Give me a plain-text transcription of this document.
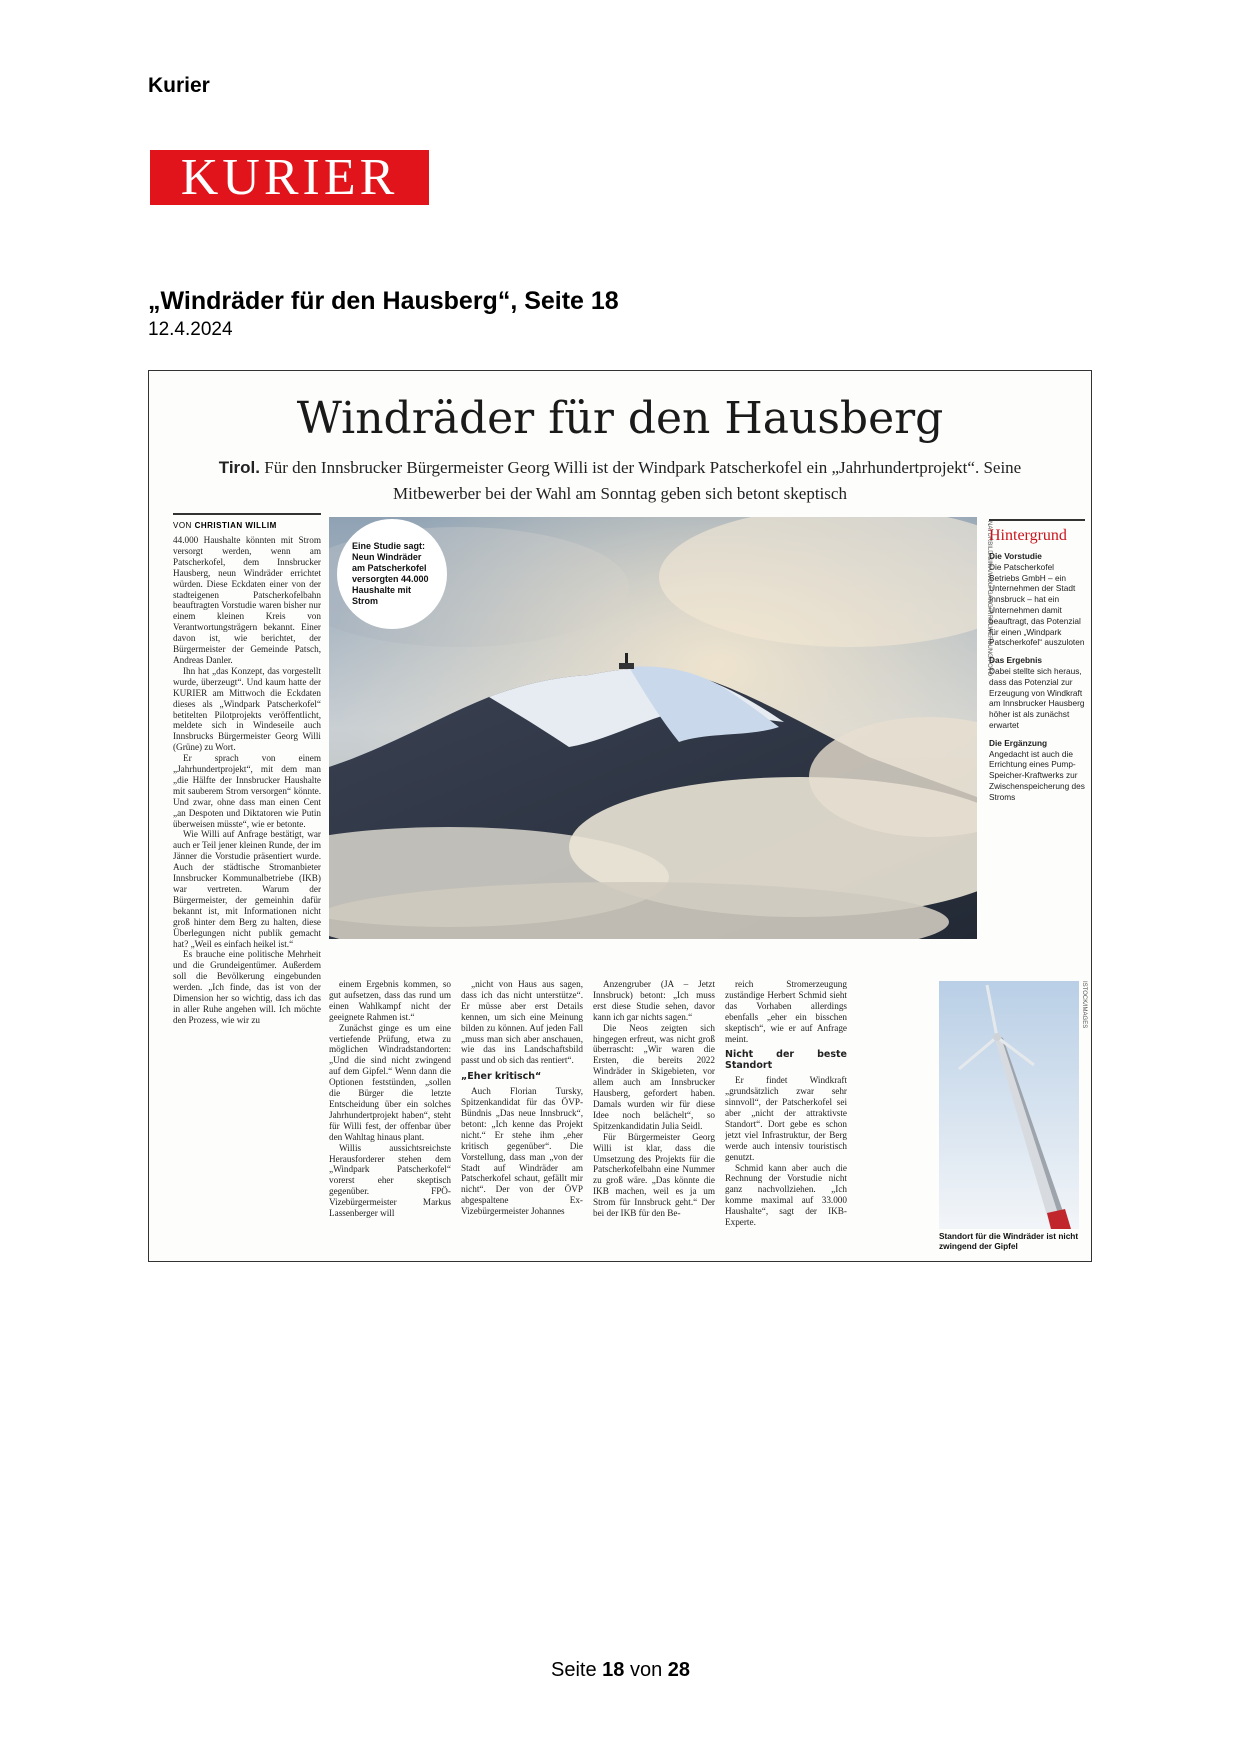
Kurier
KURIER
„Windräder für den Hausberg“, Seite 18
12.4.2024
Windräder für den Hausberg
Tirol. Für den Innsbrucker Bürgermeister Georg Willi ist der Windpark Patscherkofel ein „Jahrhundertprojekt“. Seine Mitbewerber bei der Wahl am Sonntag geben sich betont skeptisch
VON CHRISTIAN WILLIM

44.000 Haushalte könnten mit Strom versorgt werden, wenn am Patscherkofel, dem Innsbrucker Hausberg, neun Windräder errichtet würden. Diese Eckdaten einer von der stadteigenen Patscherkofelbahn beauftragten Vorstudie waren bisher nur einem kleinen Kreis von Verantwortungsträgern bekannt. Einer davon ist, wie berichtet, der Bürgermeister der Gemeinde Patsch, Andreas Danler.

Ihn hat „das Konzept, das vorgestellt wurde, überzeugt“. Und kaum hatte der KURIER am Mittwoch die Eckdaten dieses als „Windpark Patscherkofel“ betitelten Pilotprojekts veröffentlicht, meldete sich in Windeseile auch Innsbrucks Bürgermeister Georg Willi (Grüne) zu Wort.

Er sprach von einem „Jahrhundertprojekt“, mit dem man „die Hälfte der Innsbrucker Haushalte mit sauberem Strom versorgen“ könnte. Und zwar, ohne dass man einen Cent „an Despoten und Diktatoren wie Putin überweisen müsste“, wie er betonte.

Wie Willi auf Anfrage bestätigt, war auch er Teil jener kleinen Runde, der im Jänner die Vorstudie präsentiert wurde. Auch der städtische Stromanbieter Innsbrucker Kommunalbetriebe (IKB) war vertreten. Warum der Bürgermeister, der gemeinhin dafür bekannt ist, mit Informationen nicht groß hinter dem Berg zu halten, diese Überlegungen nicht publik gemacht hat? „Weil es einfach heikel ist.“

Es brauche eine politische Mehrheit und die Grundeigentümer. Außerdem soll die Bevölkerung eingebunden werden. „Ich finde, das ist von der Dimension her so wichtig, dass ich das in aller Ruhe angehen will. Ich möchte den Prozess, wie wir zu

NATURBILD/SIMA/WOLFGANG/TIROLWERBUNG/FOTO
Eine Studie sagt: Neun Windräder am Patscherkofel versorgten 44.000 Haushalte mit Strom
Hintergrund
Die Vorstudie
Die Patscherkofel Betriebs GmbH – ein Unternehmen der Stadt Innsbruck – hat ein Unternehmen damit beauftragt, das Potenzial für einen „Windpark Patscherkofel“ auszuloten
Das Ergebnis
Dabei stellte sich heraus, dass das Potenzial zur Erzeugung von Windkraft am Innsbrucker Hausberg höher ist als zunächst erwartet
Die Ergänzung
Angedacht ist auch die Errichtung eines Pump-Speicher-Kraftwerks zur Zwischenspeicherung des Stroms

einem Ergebnis kommen, so gut aufsetzen, dass das rund um einen Wahlkampf nicht der geeignete Rahmen ist.“

Zunächst ginge es um eine vertiefende Prüfung, etwa zu möglichen Windradstandorten: „Und die sind nicht zwingend auf dem Gipfel.“ Wenn dann die Optionen feststünden, „sollen die Bürger die letzte Entscheidung über ein solches Jahrhundertprojekt haben“, steht für Willi fest, der offenbar über den Wahltag hinaus plant.

Willis aussichtsreichste Herausforderer stehen dem „Windpark Patscherkofel“ vorerst eher skeptisch gegenüber. FPÖ-Vizebürgermeister Markus Lassenberger will

„nicht von Haus aus sagen, dass ich das nicht unterstütze“. Er müsse aber erst Details kennen, um sich eine Meinung bilden zu können. Auf jeden Fall „muss man sich aber anschauen, wie das ins Landschaftsbild passt und ob sich das rentiert“.

„Eher kritisch“

Auch Florian Tursky, Spitzenkandidat für das ÖVP-Bündnis „Das neue Innsbruck“, betont: „Ich kenne das Projekt nicht.“ Er stehe ihm „eher kritisch gegenüber“. Die Vorstellung, dass man „von der Stadt auf Windräder am Patscherkofel schaut, gefällt mir nicht“. Der von der ÖVP abgespaltene Ex-Vizebürgermeister Johannes

Anzengruber (JA – Jetzt Innsbruck) betont: „Ich muss erst diese Studie sehen, davor kann ich gar nichts sagen.“

Die Neos zeigten sich hingegen erfreut, was nicht groß überrascht: „Wir waren die Ersten, die bereits 2022 Windräder in Skigebieten, vor allem auch am Innsbrucker Hausberg, gefordert haben. Damals wurden wir für diese Idee noch belächelt“, so Spitzenkandidatin Julia Seidl.

Für Bürgermeister Georg Willi ist klar, dass die Umsetzung des Projekts für die Patscherkofelbahn eine Nummer zu groß wäre. „Das könnte die IKB machen, weil es ja um Strom für Innsbruck geht.“ Der bei der IKB für den Be-

reich Stromerzeugung zuständige Herbert Schmid sieht das Vorhaben allerdings ebenfalls „eher ein bisschen skeptisch“, wie er auf Anfrage meint.

Nicht der beste Standort

Er findet Windkraft „grundsätzlich zwar sehr sinnvoll“, der Patscherkofel sei aber „nicht der attraktivste Standort“. Dort gebe es schon jetzt viel Infrastruktur, der Berg werde auch intensiv touristisch genutzt.

Schmid kann aber auch die Rechnung der Vorstudie nicht ganz nachvollziehen. „Ich komme maximal auf 33.000 Haushalte“, sagt der IKB-Experte.

ISTOCK/IMAGES
Standort für die Windräder ist nicht zwingend der Gipfel
Seite 18 von 28
